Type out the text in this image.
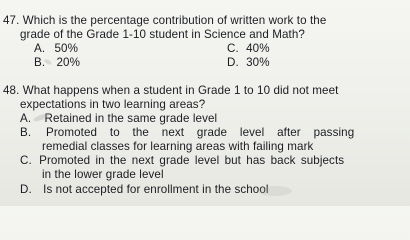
47. Which is the percentage contribution of written work to the
grade of the Grade 1-10 student in Science and Math?
A. 50%	C. 40%
B. 20%	D. 30%
48. What happens when a student in Grade 1 to 10 did not meet
expectations in two learning areas?
A. Retained in the same grade level
B. Promoted to the next grade level after passing
remedial classes for learning areas with failing mark
C. Promoted in the next grade level but has back subjects
in the lower grade level
D. Is not accepted for enrollment in the school
